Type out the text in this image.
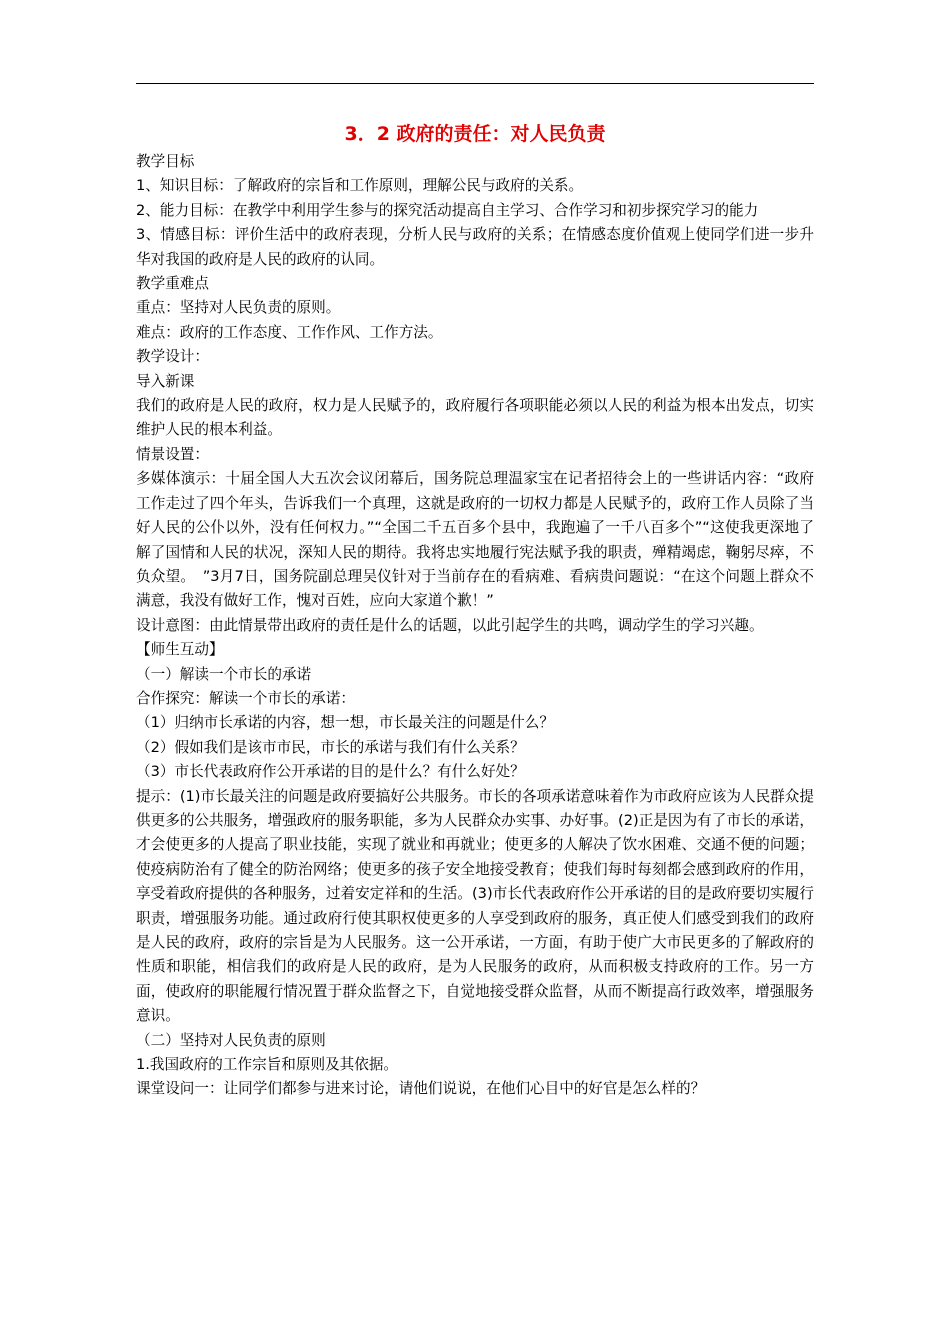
3．2 政府的责任：对人民负责

教学目标

1、知识目标：了解政府的宗旨和工作原则，理解公民与政府的关系。

2、能力目标：在教学中利用学生参与的探究活动提高自主学习、合作学习和初步探究学习的能力

3、情感目标：评价生活中的政府表现，分析人民与政府的关系；在情感态度价值观上使同学们进一步升华对我国的政府是人民的政府的认同。

教学重难点

重点：坚持对人民负责的原则。

难点：政府的工作态度、工作作风、工作方法。

教学设计：

导入新课

我们的政府是人民的政府，权力是人民赋予的，政府履行各项职能必须以人民的利益为根本出发点，切实维护人民的根本利益。

情景设置：

多媒体演示：十届全国人大五次会议闭幕后，国务院总理温家宝在记者招待会上的一些讲话内容：“政府工作走过了四个年头，告诉我们一个真理，这就是政府的一切权力都是人民赋予的，政府工作人员除了当好人民的公仆以外，没有任何权力。”“全国二千五百多个县中，我跑遍了一千八百多个”“这使我更深地了解了国情和人民的状况，深知人民的期待。我将忠实地履行宪法赋予我的职责，殚精竭虑，鞠躬尽瘁，不负众望。　”3月7日，国务院副总理吴仪针对于当前存在的看病难、看病贵问题说：“在这个问题上群众不满意，我没有做好工作，愧对百姓，应向大家道个歉！”

设计意图：由此情景带出政府的责任是什么的话题，以此引起学生的共鸣，调动学生的学习兴趣。

【师生互动】

（一）解读一个市长的承诺

合作探究：解读一个市长的承诺：

（1）归纳市长承诺的内容，想一想，市长最关注的问题是什么？

（2）假如我们是该市市民，市长的承诺与我们有什么关系？

（3）市长代表政府作公开承诺的目的是什么？有什么好处？

提示：(1)市长最关注的问题是政府要搞好公共服务。市长的各项承诺意味着作为市政府应该为人民群众提供更多的公共服务，增强政府的服务职能，多为人民群众办实事、办好事。(2)正是因为有了市长的承诺，才会使更多的人提高了职业技能，实现了就业和再就业；使更多的人解决了饮水困难、交通不便的问题；使疫病防治有了健全的防治网络；使更多的孩子安全地接受教育；使我们每时每刻都会感到政府的作用，享受着政府提供的各种服务，过着安定祥和的生活。(3)市长代表政府作公开承诺的目的是政府要切实履行职责，增强服务功能。通过政府行使其职权使更多的人享受到政府的服务，真正使人们感受到我们的政府是人民的政府，政府的宗旨是为人民服务。这一公开承诺，一方面，有助于使广大市民更多的了解政府的性质和职能，相信我们的政府是人民的政府，是为人民服务的政府，从而积极支持政府的工作。另一方面，使政府的职能履行情况置于群众监督之下，自觉地接受群众监督，从而不断提高行政效率，增强服务意识。

（二）坚持对人民负责的原则

1.我国政府的工作宗旨和原则及其依据。

课堂设问一：让同学们都参与进来讨论，请他们说说，在他们心目中的好官是怎么样的？
